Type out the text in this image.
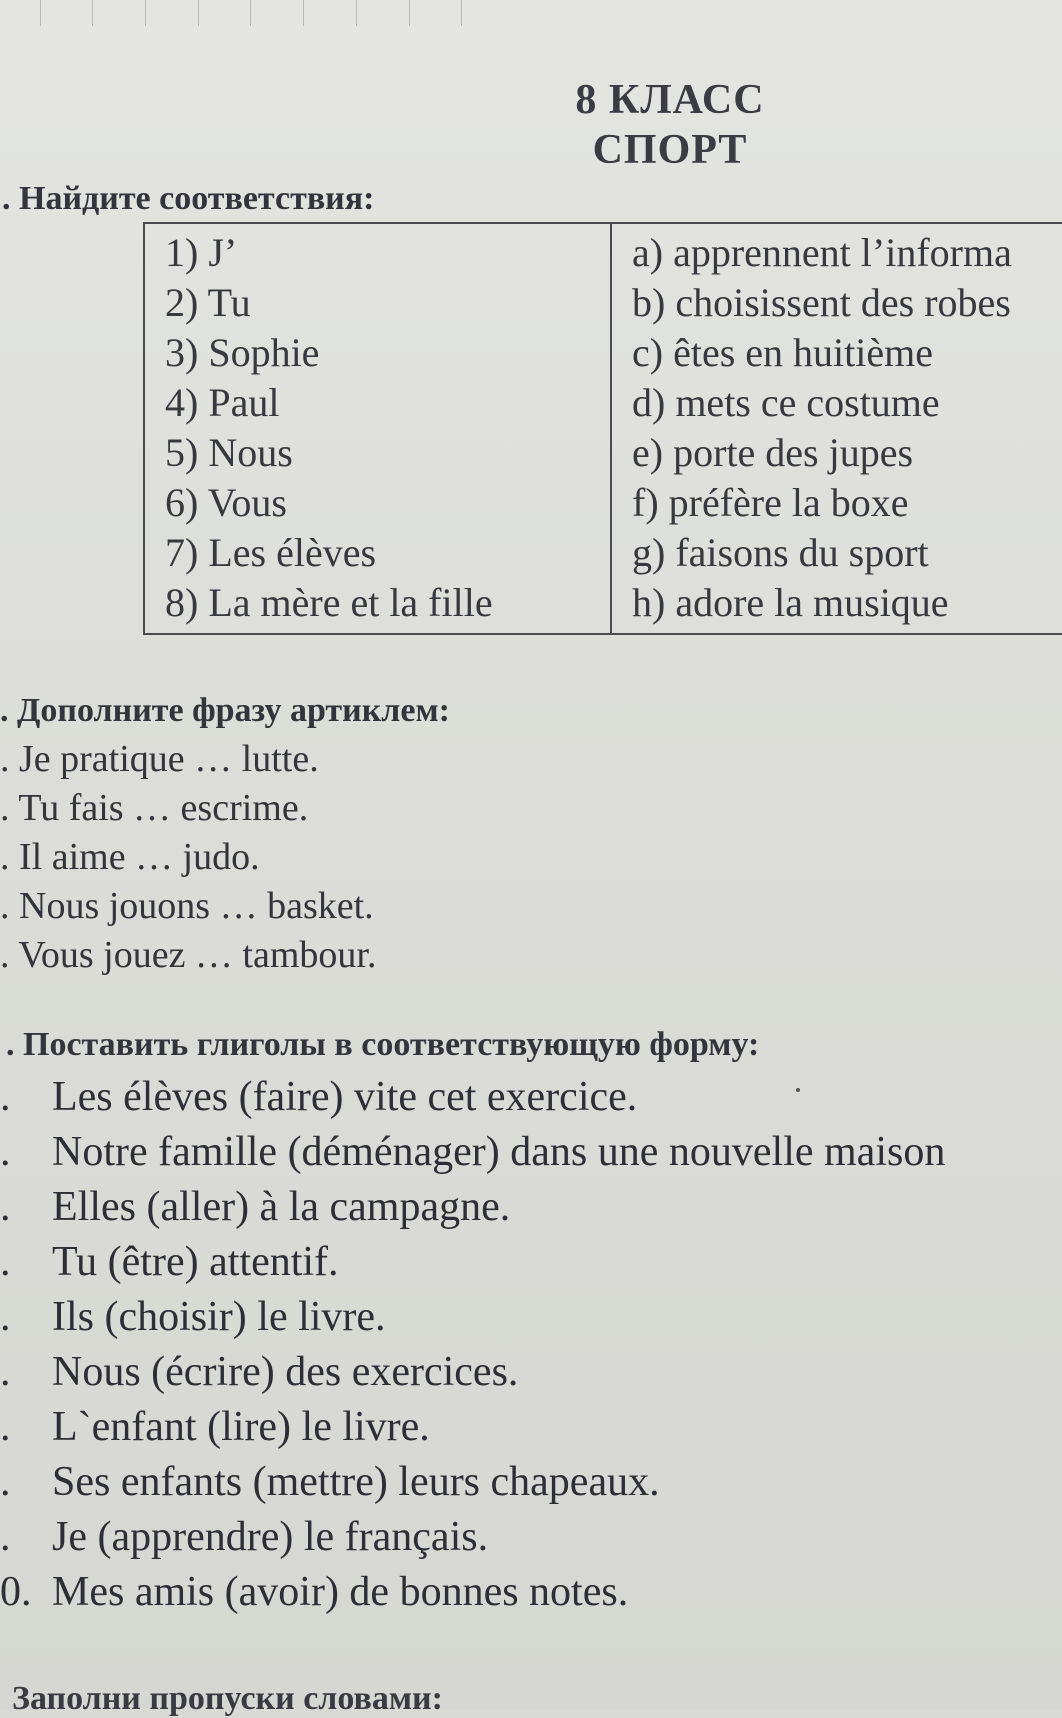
8 КЛАСС
СПОРТ
. Найдите соответствия:
1) J’
2) Tu
3) Sophie
4) Paul
5) Nous
6) Vous
7) Les élèves
8) La mère et la fille
a) apprennent l’informa
b) choisissent des robes
c) êtes en huitième
d) mets ce costume
e) porte des jupes
f) préfère la boxe
g) faisons du sport
h) adore la musique
. Дополните фразу артиклем:
. Je pratique … lutte.
. Tu fais … escrime.
. Il aime … judo.
. Nous jouons … basket.
. Vous jouez … tambour.
. Поставить глиголы в соответствующую форму:
. Les élèves (faire) vite cet exercice.
. Notre famille (déménager) dans une nouvelle maison
. Elles (aller) à la campagne.
. Tu (être) attentif.
. Ils (choisir) le livre.
. Nous (écrire) des exercices.
. L`enfant (lire) le livre.
. Ses enfants (mettre) leurs chapeaux.
. Je (apprendre) le français.
0. Mes amis (avoir) de bonnes notes.
Заполни пропуски словами:
